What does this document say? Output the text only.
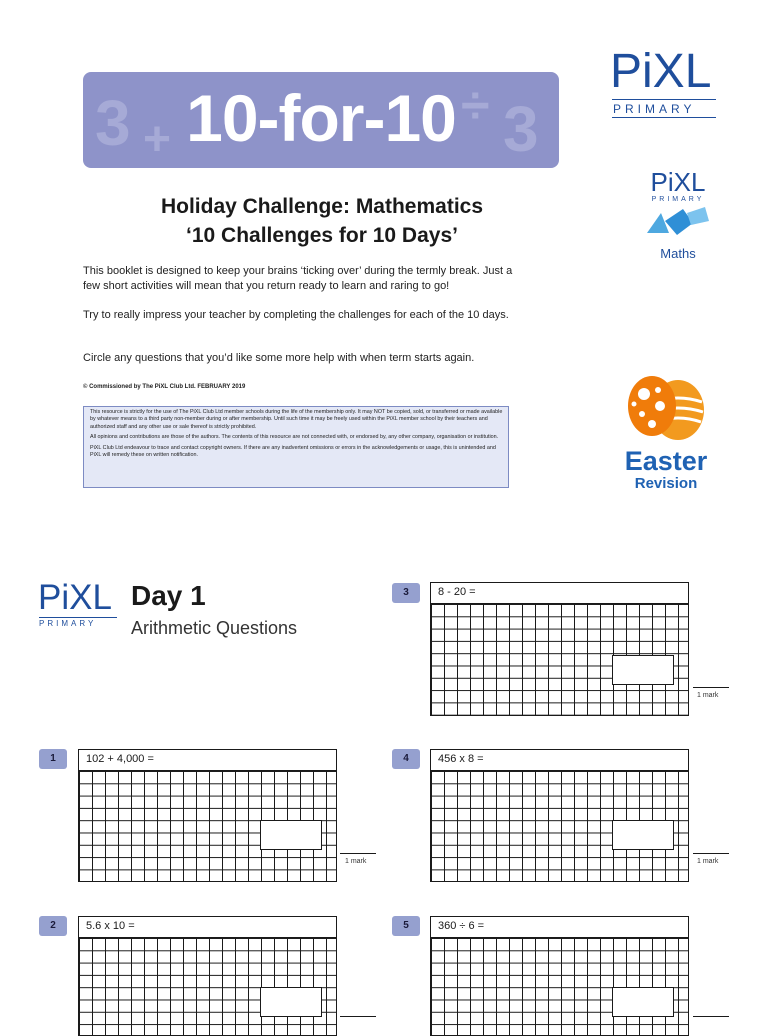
3 +
÷ 3
10-for-10
PiXL
PRIMARY
PiXL
PRIMARY
Maths
Easter
Revision
Holiday Challenge: Mathematics
‘10 Challenges for 10 Days’
This booklet is designed to keep your brains ‘ticking over’ during the termly break. Just a few short activities will mean that you return ready to learn and raring to go!
Try to really impress your teacher by completing the challenges for each of the 10 days.
Circle any questions that you’d like some more help with when term starts again.
© Commissioned by The PiXL Club Ltd. FEBRUARY 2019

This resource is strictly for the use of The PiXL Club Ltd member schools during the life of the membership only. It may NOT be copied, sold, or transferred or made available by whatever means to a third party non-member during or after membership. Until such time it may be freely used within the PiXL member school by their teachers and authorized staff and any other use or sale thereof is strictly prohibited.

All opinions and contributions are those of the authors. The contents of this resource are not connected with, or endorsed by, any other company, organisation or institution.

PiXL Club Ltd endeavour to trace and contact copyright owners. If there are any inadvertent omissions or errors in the acknowledgements or usage, this is unintended and PiXL will remedy these on written notification.

PiXL
PRIMARY
Day 1
Arithmetic Questions
3	8 - 20 =
1 mark
1	102 + 4,000 =
1 mark
4	456 x 8 =
1 mark
2	5.6 x 10 =	5	360 ÷ 6 =
